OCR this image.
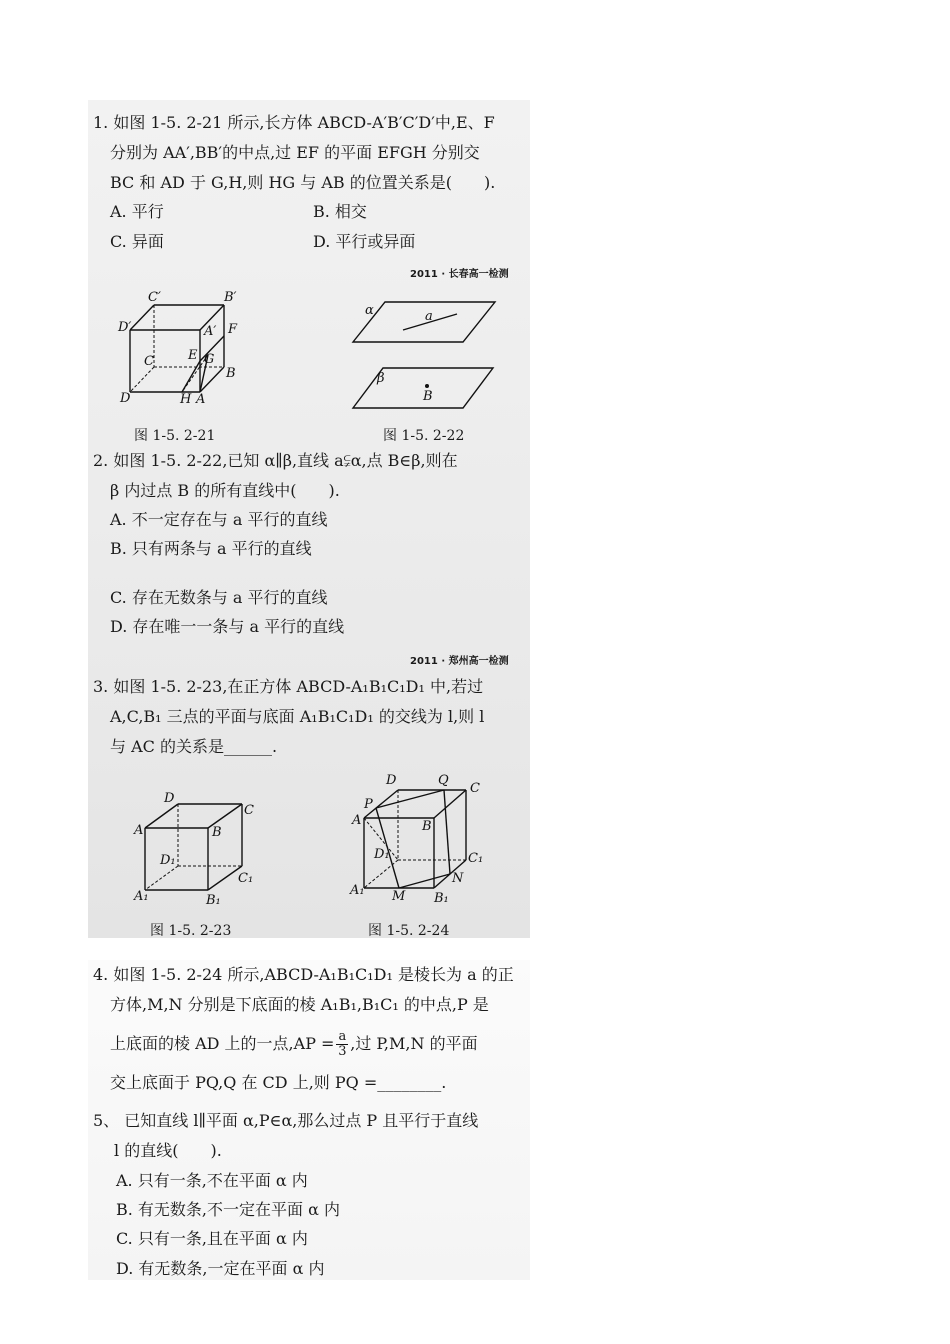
1. 如图 1-5. 2-21 所示,长方体 ABCD-A′B′C′D′中,E、F
分别为 AA′,BB′的中点,过 EF 的平面 EFGH 分别交
BC 和 AD 于 G,H,则 HG 与 AB 的位置关系是(　　).
A. 平行	B. 相交
C. 异面	D. 平行或异面
2011 · 长春高一检测
C′	B′
D′	A′ F
C	E G
B
D	H A
图 1-5. 2-21
α	a
β
B
图 1-5. 2-22
2. 如图 1-5. 2-22,已知 α∥β,直线 a⫋α,点 B∈β,则在
β 内过点 B 的所有直线中(　　).
A. 不一定存在与 a 平行的直线
B. 只有两条与 a 平行的直线
C. 存在无数条与 a 平行的直线
D. 存在唯一一条与 a 平行的直线
2011 · 郑州高一检测
3. 如图 1-5. 2-23,在正方体 ABCD-A₁B₁C₁D₁ 中,若过
A,C,B₁ 三点的平面与底面 A₁B₁C₁D₁ 的交线为 l,则 l
与 AC 的关系是______.
D
C
A	B
D₁
C₁
A₁	B₁
图 1-5. 2-23
D	Q
C
P
A	B
D₁	C₁
N
A₁ M B₁
图 1-5. 2-24
4. 如图 1-5. 2-24 所示,ABCD-A₁B₁C₁D₁ 是棱长为 a 的正
方体,M,N 分别是下底面的棱 A₁B₁,B₁C₁ 的中点,P 是
上底面的棱 AD 上的一点$,AP = \frac{a}{3}$ ,过 P,M,N 的平面
交上底面于 PQ,Q 在 CD 上,则 PQ =________.
5、 已知直线 l∥平面 α,P∈α,那么过点 P 且平行于直线
l 的直线(　　).
A. 只有一条,不在平面 α 内
B. 有无数条,不一定在平面 α 内
C. 只有一条,且在平面 α 内
D. 有无数条,一定在平面 α 内
